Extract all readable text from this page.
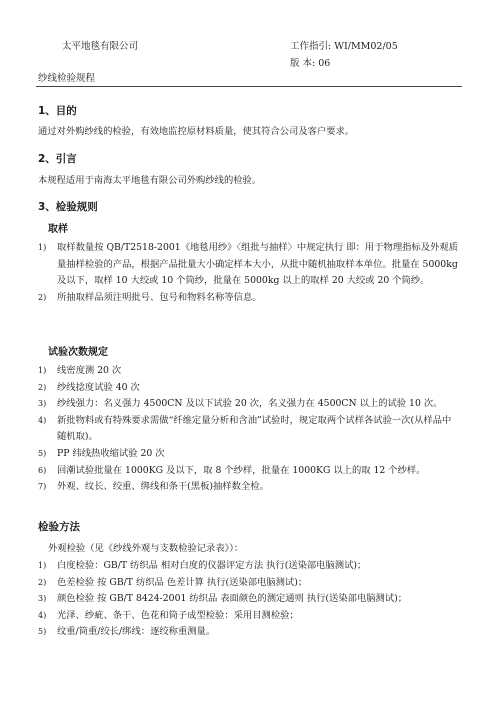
太平地毯有限公司	工作指引: WI/MM02/05
版 本: 06
纱线检验规程
1、目的
通过对外购纱线的检验，有效地监控原材料质量，使其符合公司及客户要求。
2、引言
本规程适用于南海太平地毯有限公司外购纱线的检验。
3、检验规则
取样
1) 取样数量按 QB/T2518-2001《地毯用纱》〈组批与抽样〉中规定执行 即：用于物理指标及外观质量抽样检验的产品，根据产品批量大小确定样本大小，从批中随机抽取样本单位。批量在 5000kg 及以下，取样 10 大绞或 10 个筒纱，批量在 5000kg 以上的取样 20 大绞或 20 个筒纱。
2) 所抽取样品须注明批号、包号和物料名称等信息。
试验次数规定
1) 线密度测 20 次
2) 纱线捻度试验 40 次
3) 纱线强力：名义强力 4500CN 及以下试验 20 次，名义强力在 4500CN 以上的试验 10 次。
4) 新批物料或有特殊要求需做“纤维定量分析和含油”试验时，规定取两个试样各试验一次(从样品中随机取)。
5) PP 纬线热收缩试验 20 次
6) 回潮试验批量在 1000KG 及以下，取 8 个纱样，批量在 1000KG 以上的取 12 个纱样。
7) 外观、纹长、绞重、绑线和条干(黑板)抽样数全检。
检验方法
外观检验（见《纱线外观与支数检验记录表》）：
1) 白度检验：GB/T 纺织品 相对白度的仪器评定方法 执行(送染部电脑测试)；
2) 色差检验 按 GB/T 纺织品 色差计算 执行(送染部电脑测试)；
3) 颜色检验 按 GB/T 8424-2001 纺织品 表面颜色的测定通则 执行(送染部电脑测试)；
4) 光泽、纱疵、条干、色花和筒子成型检验：采用目测检验；
5) 纹重/筒重/绞长/绑线：逐绞称重测量。
